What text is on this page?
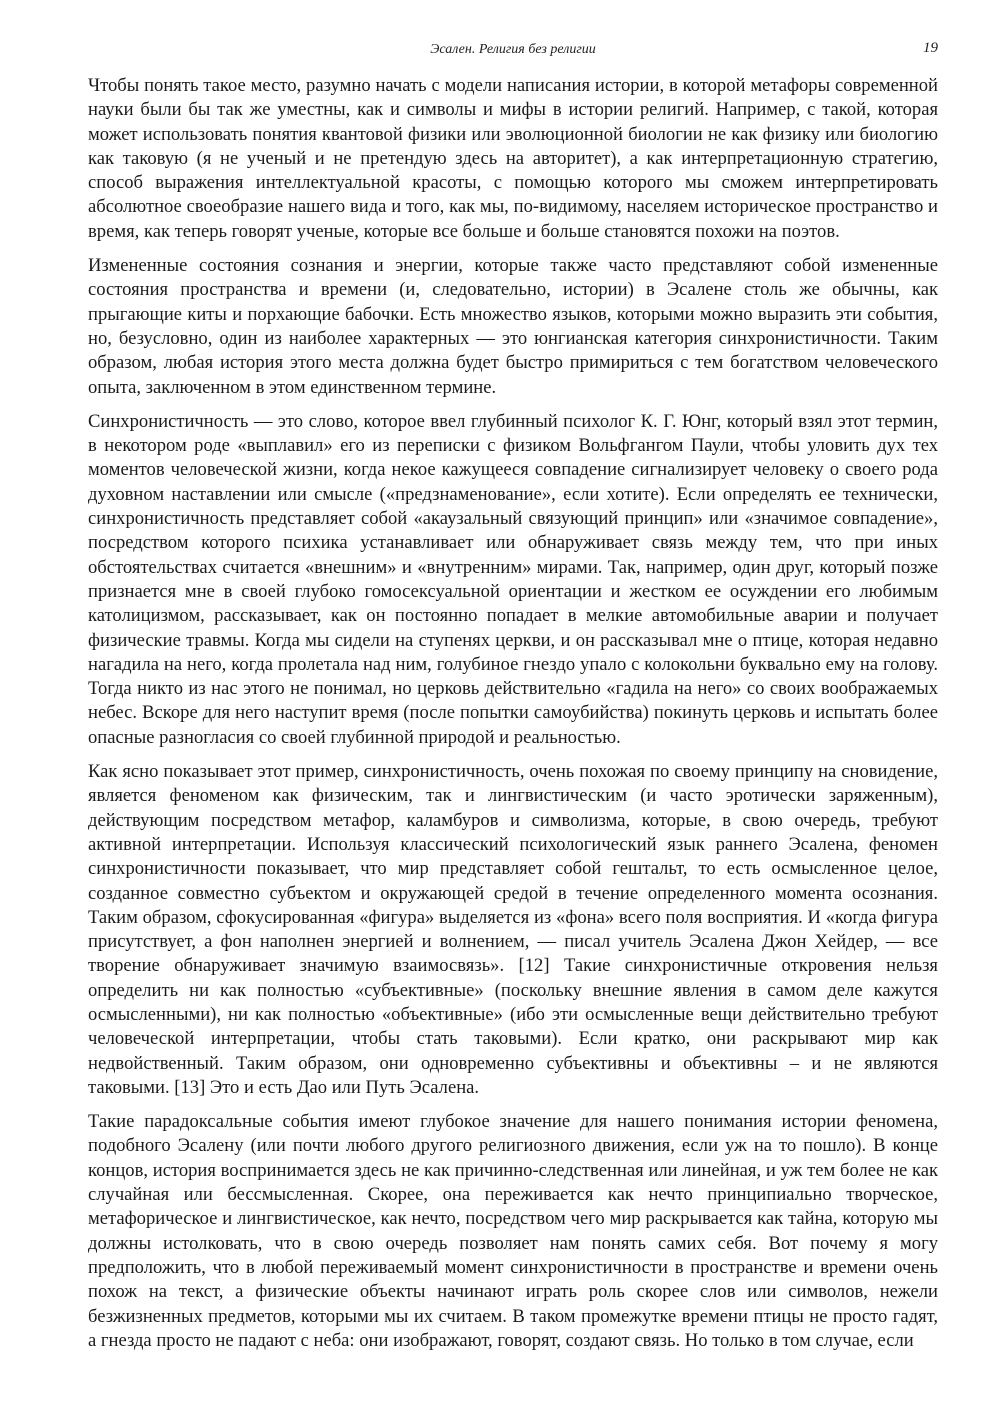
Эсален. Религия без религии	19

Чтобы понять такое место, разумно начать с модели написания истории, в которой метафоры современной науки были бы так же уместны, как и символы и мифы в истории религий. Например, с такой, которая может использовать понятия квантовой физики или эволюционной биологии не как физику или биологию как таковую (я не ученый и не претендую здесь на авторитет), а как интерпретационную стратегию, способ выражения интеллектуальной красоты, с помощью которого мы сможем интерпретировать абсолютное своеобразие нашего вида и того, как мы, по-видимому, населяем историческое пространство и время, как теперь говорят ученые, которые все больше и больше становятся похожи на поэтов.

Измененные состояния сознания и энергии, которые также часто представляют собой измененные состояния пространства и времени (и, следовательно, истории) в Эсалене столь же обычны, как прыгающие киты и порхающие бабочки. Есть множество языков, которыми можно выразить эти события, но, безусловно, один из наиболее характерных — это юнгианская категория синхронистичности. Таким образом, любая история этого места должна будет быстро примириться с тем богатством человеческого опыта, заключенном в этом единственном термине.

Синхронистичность — это слово, которое ввел глубинный психолог К. Г. Юнг, который взял этот термин, в некотором роде «выплавил» его из переписки с физиком Вольфгангом Паули, чтобы уловить дух тех моментов человеческой жизни, когда некое кажущееся совпадение сигнализирует человеку о своего рода духовном наставлении или смысле («предзнаменование», если хотите). Если определять ее технически, синхронистичность представляет собой «акаузальный связующий принцип» или «значимое совпадение», посредством которого психика устанавливает или обнаруживает связь между тем, что при иных обстоятельствах считается «внешним» и «внутренним» мирами. Так, например, один друг, который позже признается мне в своей глубоко гомосексуальной ориентации и жестком ее осуждении его любимым католицизмом, рассказывает, как он постоянно попадает в мелкие автомобильные аварии и получает физические травмы. Когда мы сидели на ступенях церкви, и он рассказывал мне о птице, которая недавно нагадила на него, когда пролетала над ним, голубиное гнездо упало с колокольни буквально ему на голову. Тогда никто из нас этого не понимал, но церковь действительно «гадила на него» со своих воображаемых небес. Вскоре для него наступит время (после попытки самоубийства) покинуть церковь и испытать более опасные разногласия со своей глубинной природой и реальностью.

Как ясно показывает этот пример, синхронистичность, очень похожая по своему принципу на сновидение, является феноменом как физическим, так и лингвистическим (и часто эротически заряженным), действующим посредством метафор, каламбуров и символизма, которые, в свою очередь, требуют активной интерпретации. Используя классический психологический язык раннего Эсалена, феномен синхронистичности показывает, что мир представляет собой гештальт, то есть осмысленное целое, созданное совместно субъектом и окружающей средой в течение определенного момента осознания. Таким образом, сфокусированная «фигура» выделяется из «фона» всего поля восприятия. И «когда фигура присутствует, а фон наполнен энергией и волнением, — писал учитель Эсалена Джон Хейдер, — все творение обнаруживает значимую взаимосвязь». [12] Такие синхронистичные откровения нельзя определить ни как полностью «субъективные» (поскольку внешние явления в самом деле кажутся осмысленными), ни как полностью «объективные» (ибо эти осмысленные вещи действительно требуют человеческой интерпретации, чтобы стать таковыми). Если кратко, они раскрывают мир как недвойственный. Таким образом, они одновременно субъективны и объективны – и не являются таковыми. [13] Это и есть Дао или Путь Эсалена.

Такие парадоксальные события имеют глубокое значение для нашего понимания истории феномена, подобного Эсалену (или почти любого другого религиозного движения, если уж на то пошло). В конце концов, история воспринимается здесь не как причинно-следственная или линейная, и уж тем более не как случайная или бессмысленная. Скорее, она переживается как нечто принципиально творческое, метафорическое и лингвистическое, как нечто, посредством чего мир раскрывается как тайна, которую мы должны истолковать, что в свою очередь позволяет нам понять самих себя. Вот почему я могу предположить, что в любой переживаемый момент синхронистичности в пространстве и времени очень похож на текст, а физические объекты начинают играть роль скорее слов или символов, нежели безжизненных предметов, которыми мы их считаем. В таком промежутке времени птицы не просто гадят, а гнезда просто не падают с неба: они изображают, говорят, создают связь. Но только в том случае, если
